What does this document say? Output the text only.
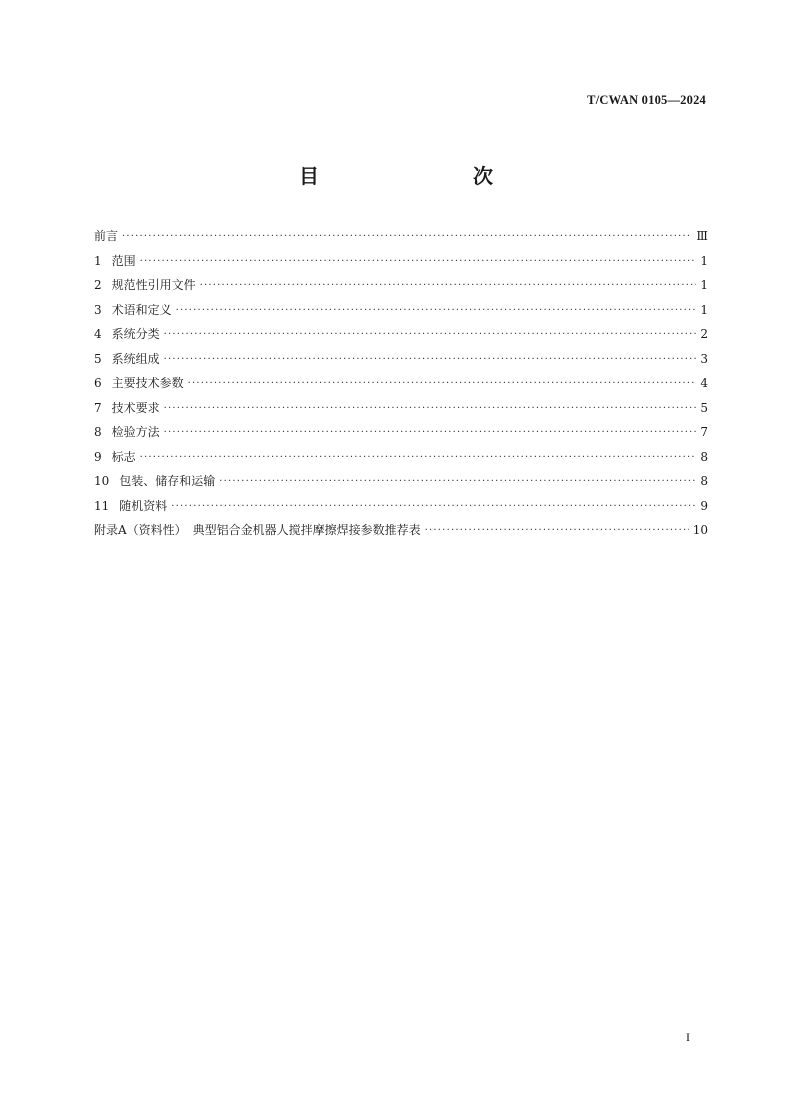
T/CWAN 0105—2024
目　　次
前言 ·····	Ⅲ
1 范围 ·····	1
2 规范性引用文件 ·····	1
3 术语和定义 ·····	1
4 系统分类 ·····	2
5 系统组成 ·····	3
6 主要技术参数 ·····	4
7 技术要求 ·····	5
8 检验方法 ·····	7
9 标志 ·····	8
10 包装、储存和运输 ·····	8
11 随机资料 ·····	9
附录A（资料性）　典型铝合金机器人搅拌摩擦焊接参数推荐表 ·····	10
I
